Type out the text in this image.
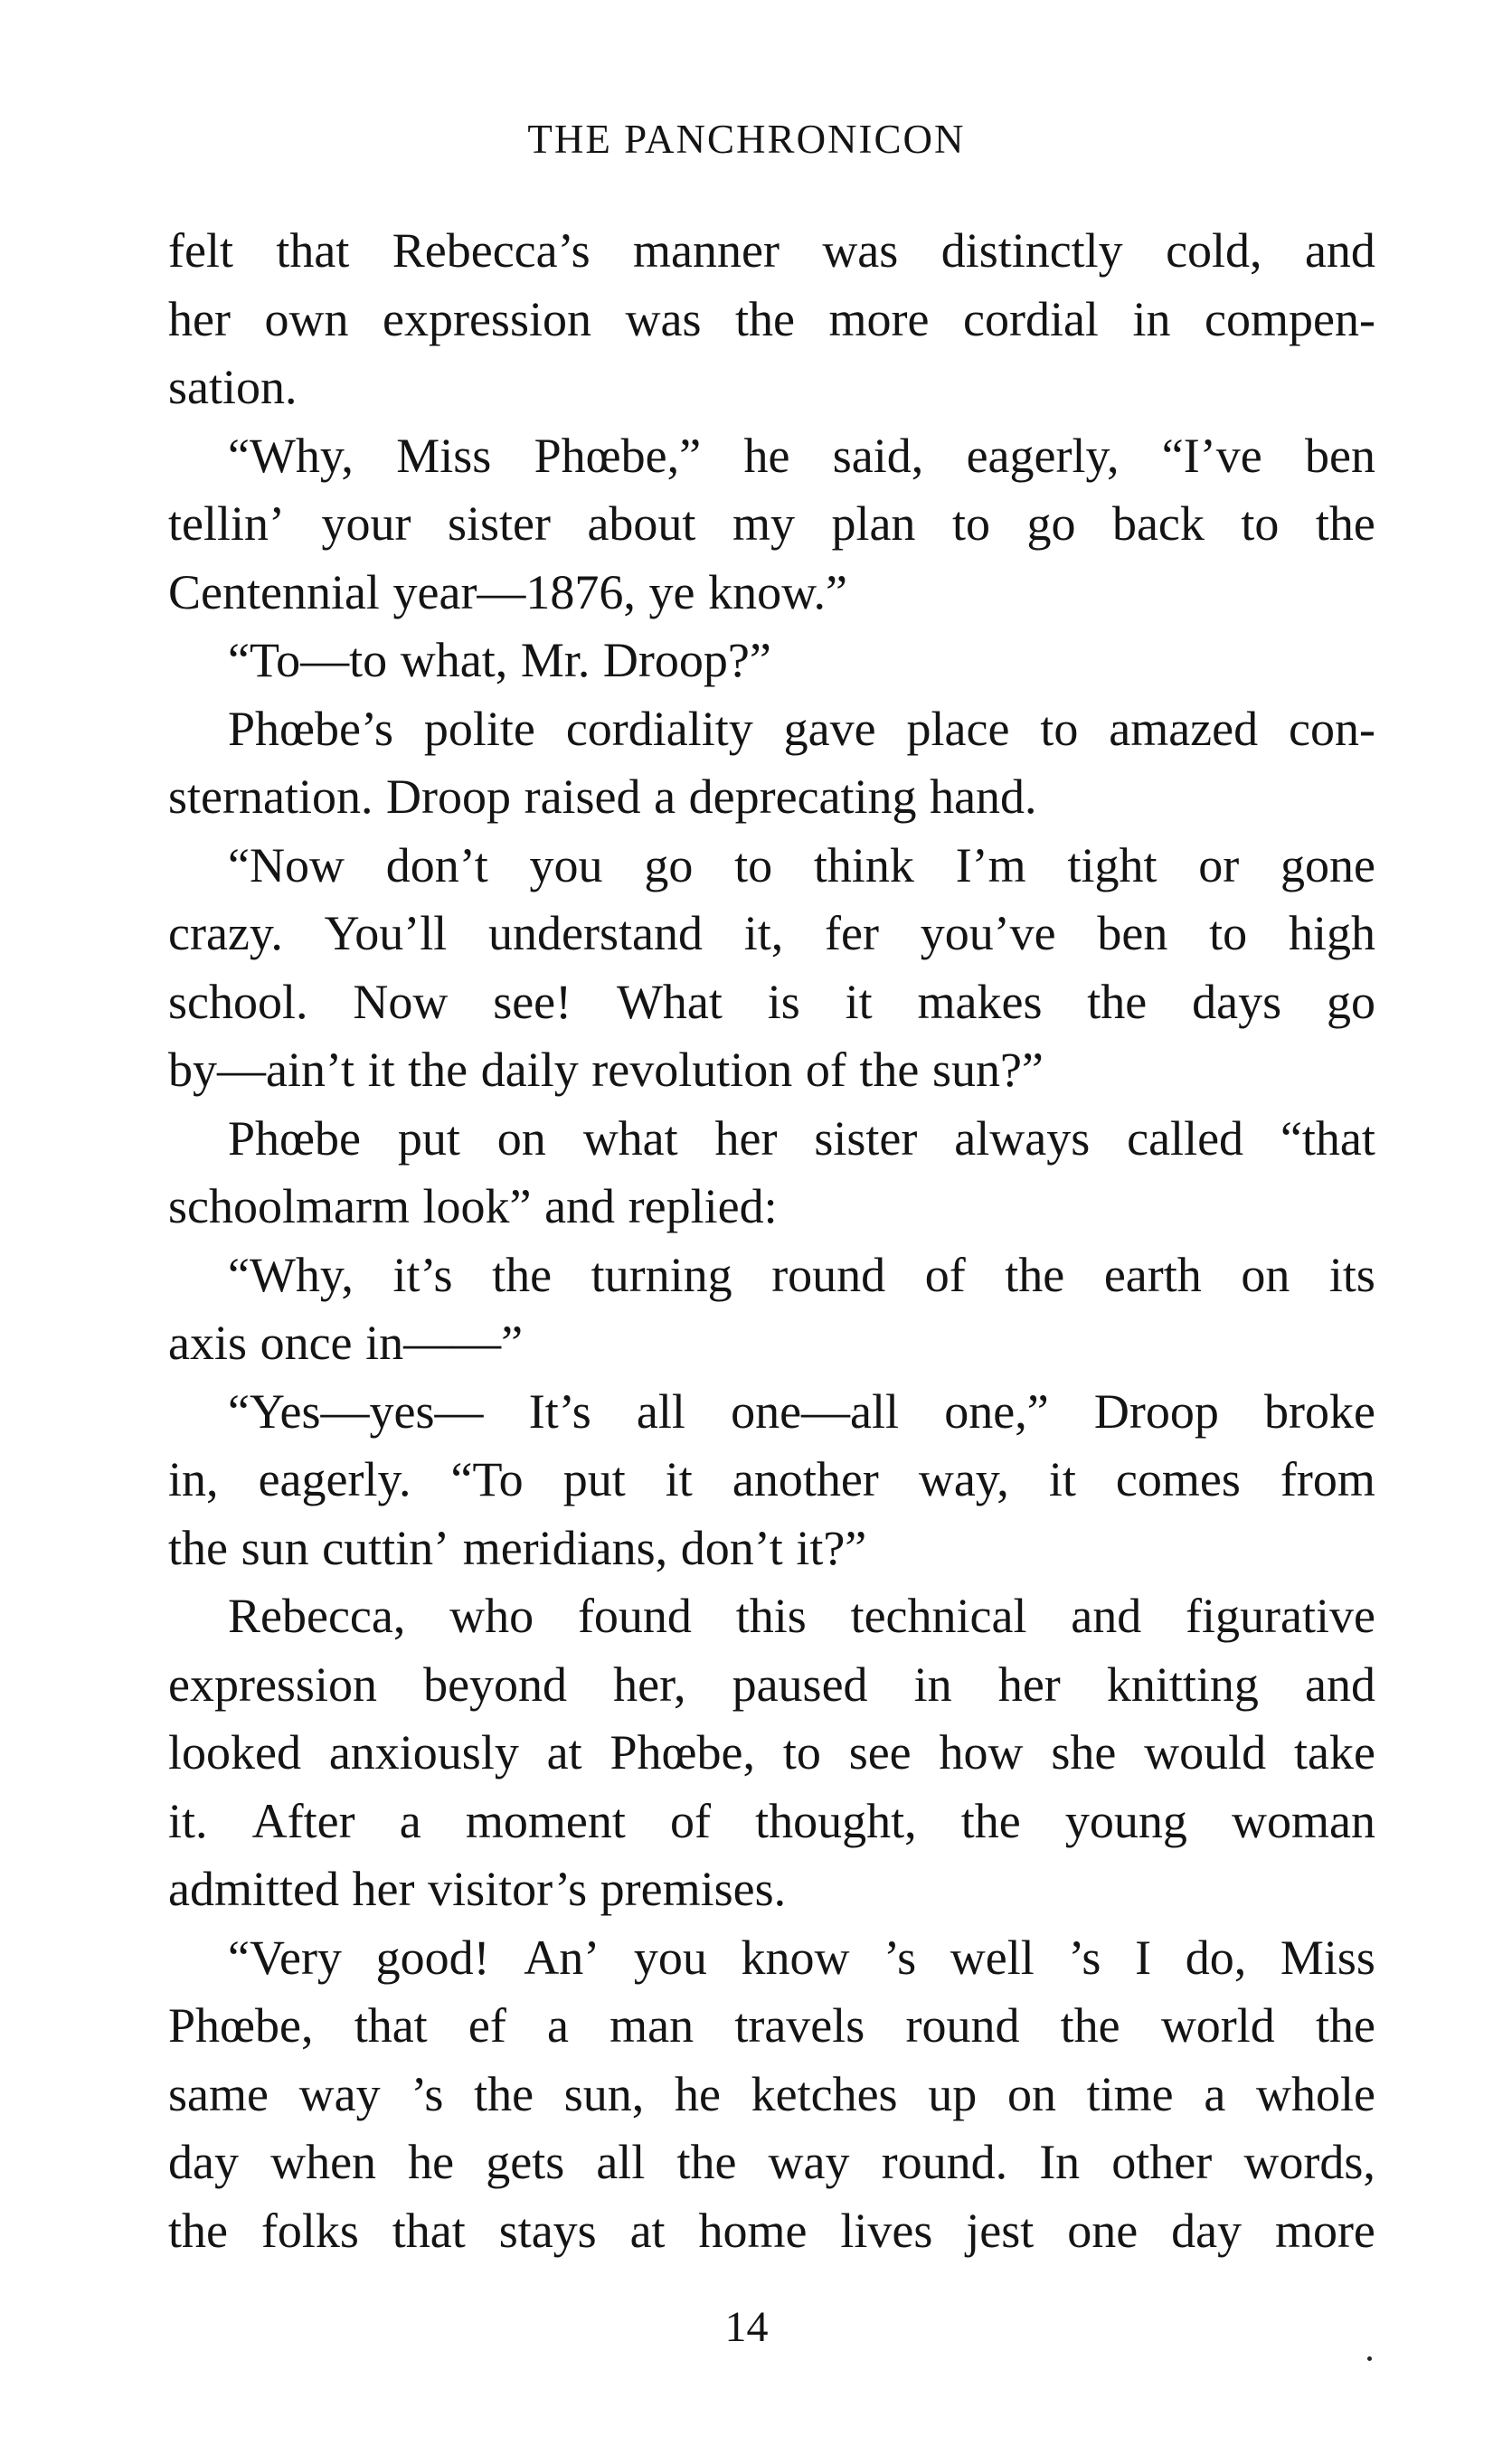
THE PANCHRONICON
felt that Rebecca’s manner was distinctly cold, and
her own expression was the more cordial in compen-
sation.
“Why, Miss Phœbe,” he said, eagerly, “I’ve ben
tellin’ your sister about my plan to go back to the
Centennial year—1876, ye know.”
“To—to what, Mr. Droop?”
Phœbe’s polite cordiality gave place to amazed con-
sternation. Droop raised a deprecating hand.
“Now don’t you go to think I’m tight or gone
crazy. You’ll understand it, fer you’ve ben to high
school. Now see! What is it makes the days go
by—ain’t it the daily revolution of the sun?”
Phœbe put on what her sister always called “that
schoolmarm look” and replied:
“Why, it’s the turning round of the earth on its
axis once in——”
“Yes—yes— It’s all one—all one,” Droop broke
in, eagerly. “To put it another way, it comes from
the sun cuttin’ meridians, don’t it?”
Rebecca, who found this technical and figurative
expression beyond her, paused in her knitting and
looked anxiously at Phœbe, to see how she would take
it. After a moment of thought, the young woman
admitted her visitor’s premises.
“Very good! An’ you know ’s well ’s I do, Miss
Phœbe, that ef a man travels round the world the
same way ’s the sun, he ketches up on time a whole
day when he gets all the way round. In other words,
the folks that stays at home lives jest one day more
14
